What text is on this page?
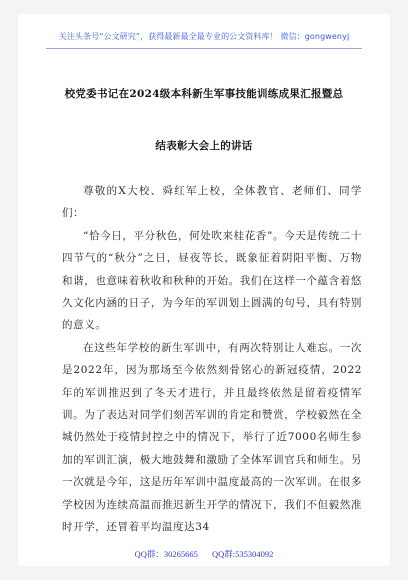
关注头条号“公文研究”，获得最新最全最专业的公文资料库！ 微信：gongwenyj
校党委书记在2024级本科新生军事技能训练成果汇报暨总
结表彰大会上的讲话

尊敬的X大校、舜红军上校，全体教官、老师们、同学们：

“恰今日，平分秋色，何处吹来桂花香”。今天是传统二十四节气的“秋分”之日，昼夜等长，既象征着阴阳平衡、万物和谐，也意味着秋收和秋种的开始。我们在这样一个蕴含着悠久文化内涵的日子，为今年的军训划上圆满的句号，具有特别的意义。

在这些年学校的新生军训中，有两次特别让人难忘。一次是2022年，因为那场至今依然刻骨铭心的新冠疫情，2022年的军训推迟到了冬天才进行，并且最终依然是留着疫情军训。为了表达对同学们刻苦军训的肯定和赞赏，学校毅然在全城仍然处于疫情封控之中的情况下，举行了近7000名师生参加的军训汇演，极大地鼓舞和激励了全体军训官兵和师生。另一次就是今年，这是历年军训中温度最高的一次军训。在很多学校因为连续高温而推迟新生开学的情况下，我们不但毅然准时开学，还冒着平均温度达34

QQ群：30265665 QQ群:535304092
